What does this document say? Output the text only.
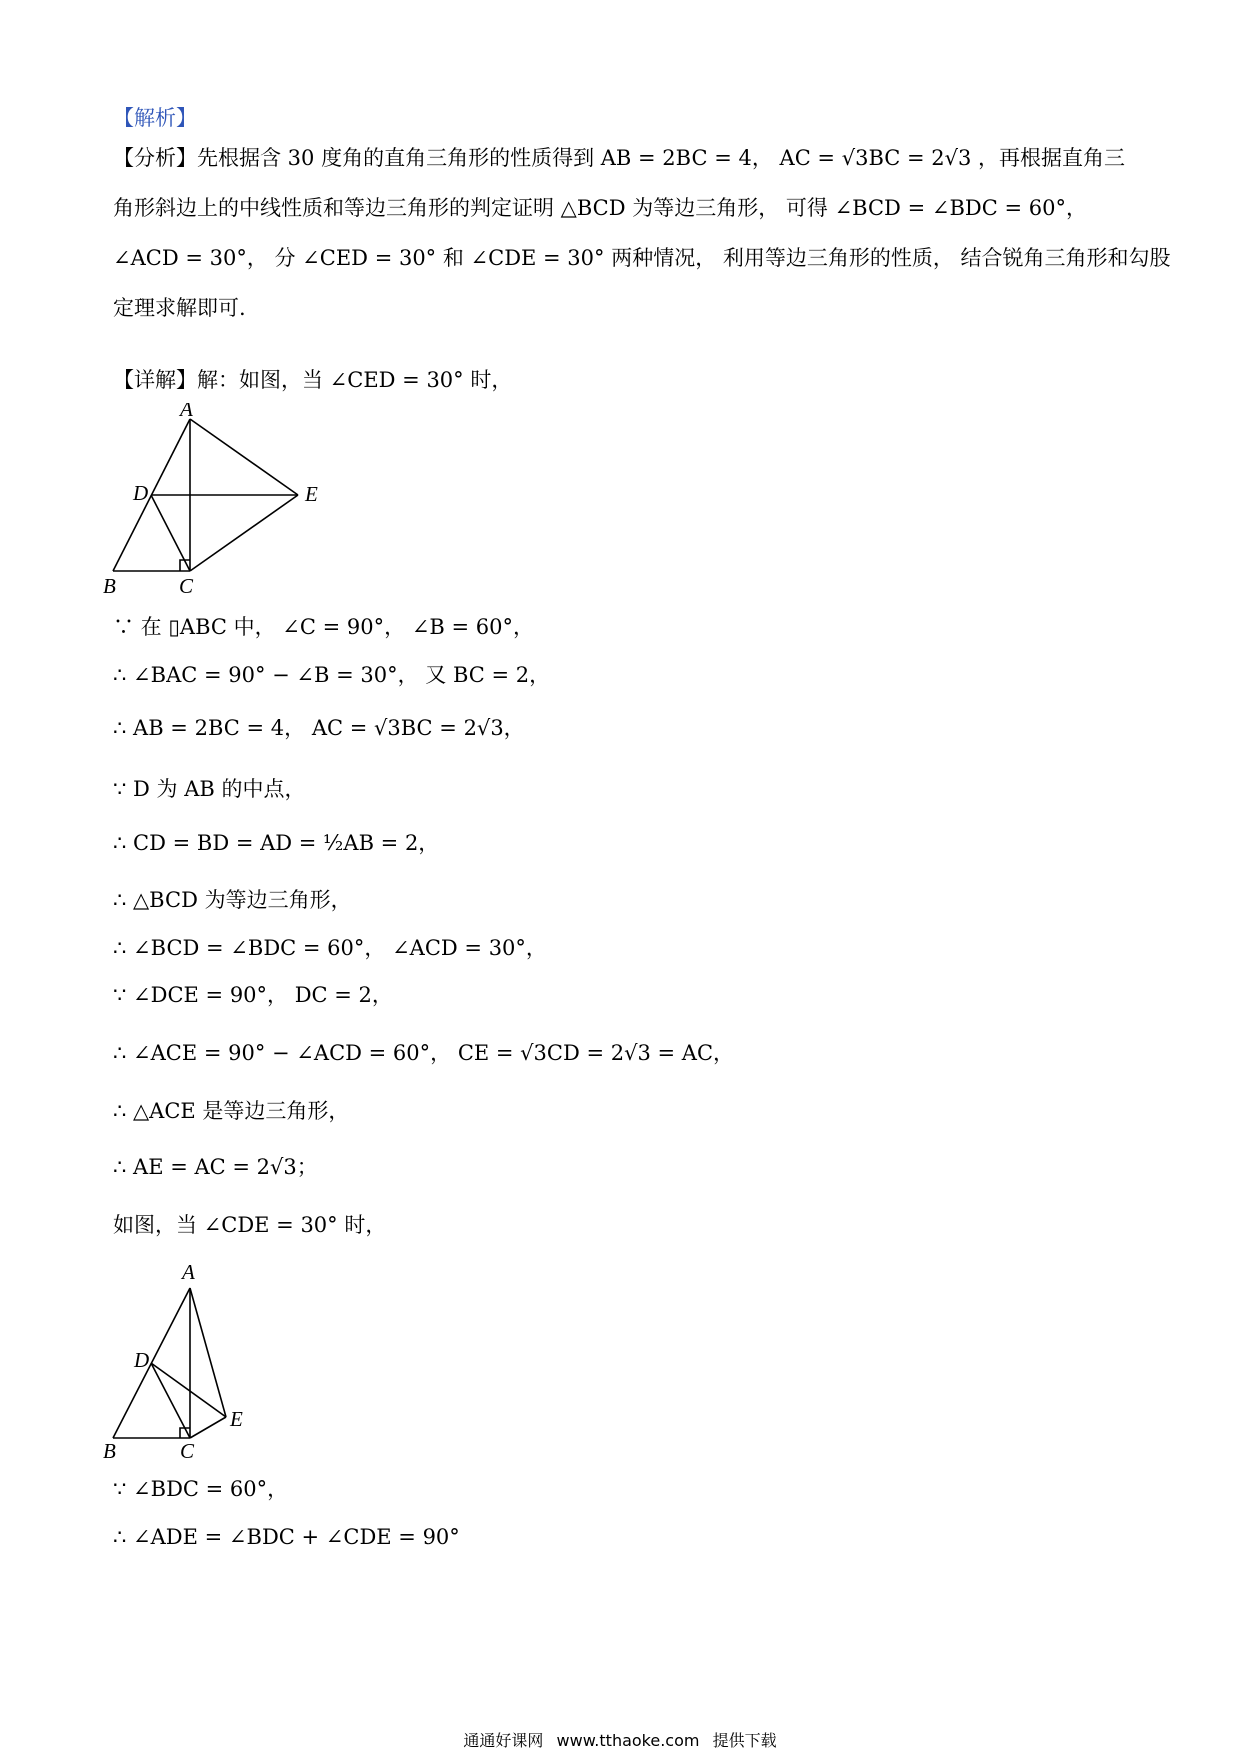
【解析】
【分析】先根据含 30 度角的直角三角形的性质得到 AB = 2BC = 4， AC = √3BC = 2√3 ，再根据直角三
角形斜边上的中线性质和等边三角形的判定证明 △BCD 为等边三角形， 可得 ∠BCD = ∠BDC = 60°，
∠ACD = 30°， 分 ∠CED = 30° 和 ∠CDE = 30° 两种情况， 利用等边三角形的性质， 结合锐角三角形和勾股
定理求解即可.
【详解】解：如图，当 ∠CED = 30° 时，
A
D	E
B	C
∵ 在 ▯ABC 中， ∠C = 90°， ∠B = 60°，
∴ ∠BAC = 90° − ∠B = 30°， 又 BC = 2，
∴ AB = 2BC = 4， AC = √3BC = 2√3，
∵ D 为 AB 的中点，
∴ CD = BD = AD = ½AB = 2，
∴ △BCD 为等边三角形，
∴ ∠BCD = ∠BDC = 60°， ∠ACD = 30°，
∵ ∠DCE = 90°， DC = 2，
∴ ∠ACE = 90° − ∠ACD = 60°， CE = √3CD = 2√3 = AC，
∴ △ACE 是等边三角形，
∴ AE = AC = 2√3；
如图，当 ∠CDE = 30° 时，
A
D
E
B	C
∵ ∠BDC = 60°，
∴ ∠ADE = ∠BDC + ∠CDE = 90°
通通好课网 www.tthaoke.com 提供下载
